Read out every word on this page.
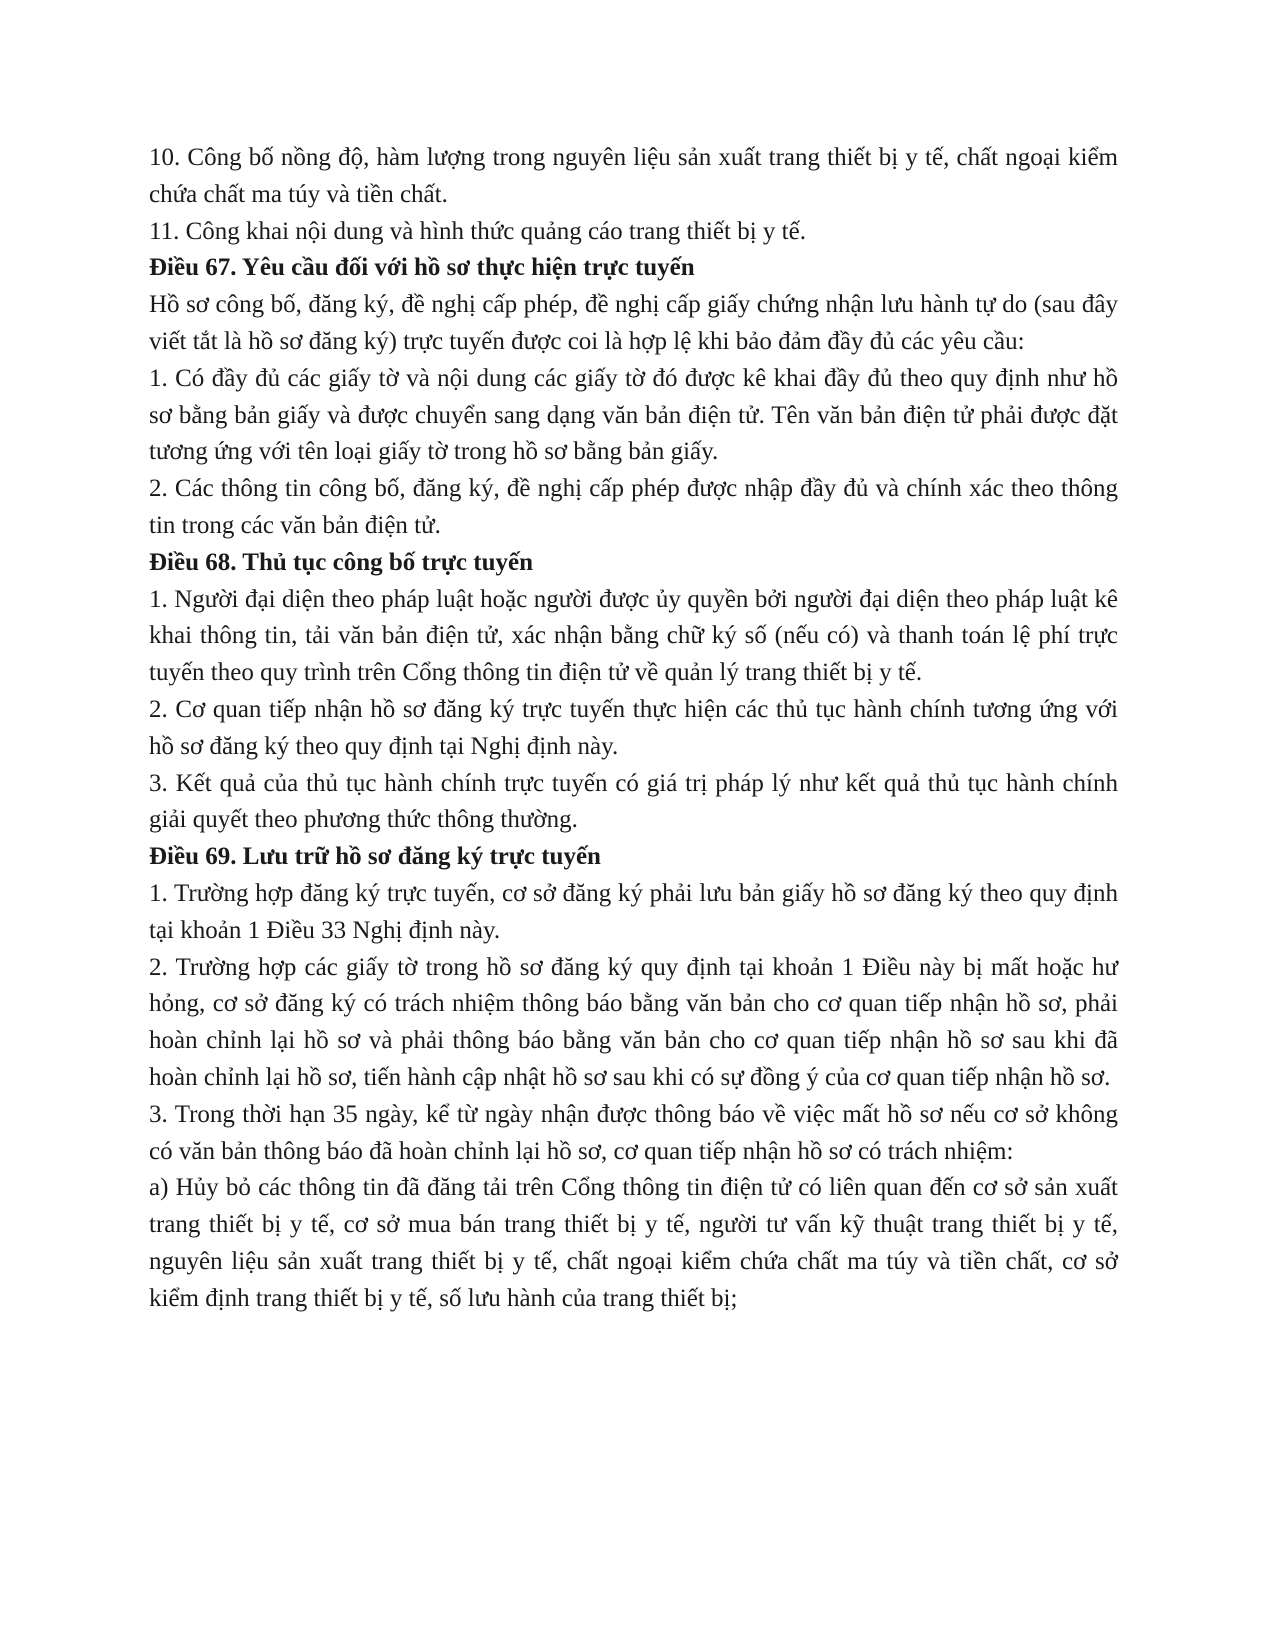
10. Công bố nồng độ, hàm lượng trong nguyên liệu sản xuất trang thiết bị y tế, chất ngoại kiểm chứa chất ma túy và tiền chất.

11. Công khai nội dung và hình thức quảng cáo trang thiết bị y tế.

Điều 67. Yêu cầu đối với hồ sơ thực hiện trực tuyến

Hồ sơ công bố, đăng ký, đề nghị cấp phép, đề nghị cấp giấy chứng nhận lưu hành tự do (sau đây viết tắt là hồ sơ đăng ký) trực tuyến được coi là hợp lệ khi bảo đảm đầy đủ các yêu cầu:

1. Có đầy đủ các giấy tờ và nội dung các giấy tờ đó được kê khai đầy đủ theo quy định như hồ sơ bằng bản giấy và được chuyển sang dạng văn bản điện tử. Tên văn bản điện tử phải được đặt tương ứng với tên loại giấy tờ trong hồ sơ bằng bản giấy.

2. Các thông tin công bố, đăng ký, đề nghị cấp phép được nhập đầy đủ và chính xác theo thông tin trong các văn bản điện tử.

Điều 68. Thủ tục công bố trực tuyến

1. Người đại diện theo pháp luật hoặc người được ủy quyền bởi người đại diện theo pháp luật kê khai thông tin, tải văn bản điện tử, xác nhận bằng chữ ký số (nếu có) và thanh toán lệ phí trực tuyến theo quy trình trên Cổng thông tin điện tử về quản lý trang thiết bị y tế.

2. Cơ quan tiếp nhận hồ sơ đăng ký trực tuyến thực hiện các thủ tục hành chính tương ứng với hồ sơ đăng ký theo quy định tại Nghị định này.

3. Kết quả của thủ tục hành chính trực tuyến có giá trị pháp lý như kết quả thủ tục hành chính giải quyết theo phương thức thông thường.

Điều 69. Lưu trữ hồ sơ đăng ký trực tuyến

1. Trường hợp đăng ký trực tuyến, cơ sở đăng ký phải lưu bản giấy hồ sơ đăng ký theo quy định tại khoản 1 Điều 33 Nghị định này.

2. Trường hợp các giấy tờ trong hồ sơ đăng ký quy định tại khoản 1 Điều này bị mất hoặc hư hỏng, cơ sở đăng ký có trách nhiệm thông báo bằng văn bản cho cơ quan tiếp nhận hồ sơ, phải hoàn chỉnh lại hồ sơ và phải thông báo bằng văn bản cho cơ quan tiếp nhận hồ sơ sau khi đã hoàn chỉnh lại hồ sơ, tiến hành cập nhật hồ sơ sau khi có sự đồng ý của cơ quan tiếp nhận hồ sơ.

3. Trong thời hạn 35 ngày, kể từ ngày nhận được thông báo về việc mất hồ sơ nếu cơ sở không có văn bản thông báo đã hoàn chỉnh lại hồ sơ, cơ quan tiếp nhận hồ sơ có trách nhiệm:

a) Hủy bỏ các thông tin đã đăng tải trên Cổng thông tin điện tử có liên quan đến cơ sở sản xuất trang thiết bị y tế, cơ sở mua bán trang thiết bị y tế, người tư vấn kỹ thuật trang thiết bị y tế, nguyên liệu sản xuất trang thiết bị y tế, chất ngoại kiểm chứa chất ma túy và tiền chất, cơ sở kiểm định trang thiết bị y tế, số lưu hành của trang thiết bị;
